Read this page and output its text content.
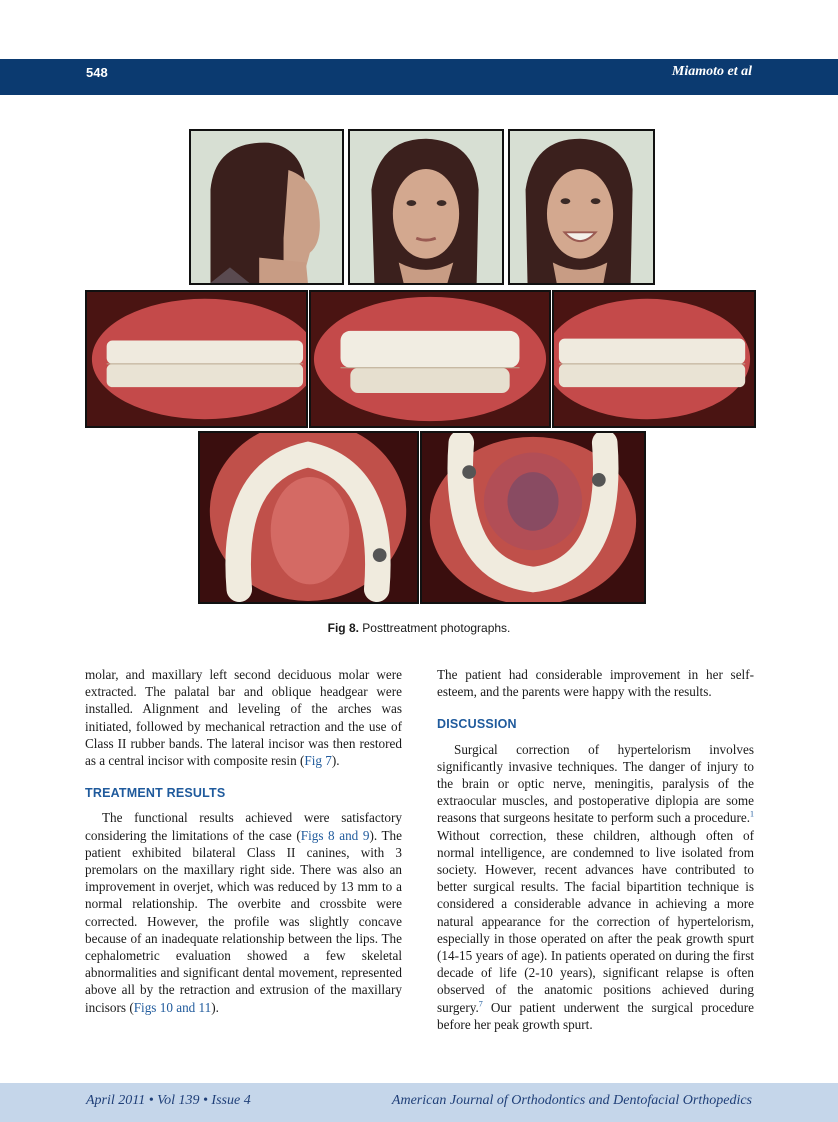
548	Miamoto et al
Fig 8. Posttreatment photographs.

molar, and maxillary left second deciduous molar were extracted. The palatal bar and oblique headgear were installed. Alignment and leveling of the arches was initiated, followed by mechanical retraction and the use of Class II rubber bands. The lateral incisor was then restored as a central incisor with composite resin (Fig 7).

TREATMENT RESULTS

The functional results achieved were satisfactory considering the limitations of the case (Figs 8 and 9). The patient exhibited bilateral Class II canines, with 3 premolars on the maxillary right side. There was also an improvement in overjet, which was reduced by 13 mm to a normal relationship. The overbite and crossbite were corrected. However, the profile was slightly concave because of an inadequate relationship between the lips. The cephalometric evaluation showed a few skeletal abnormalities and significant dental movement, represented above all by the retraction and extrusion of the maxillary incisors (Figs 10 and 11).

The patient had considerable improvement in her self-esteem, and the parents were happy with the results.

DISCUSSION

Surgical correction of hypertelorism involves significantly invasive techniques. The danger of injury to the brain or optic nerve, meningitis, paralysis of the extraocular muscles, and postoperative diplopia are some reasons that surgeons hesitate to perform such a procedure.$^1$ Without correction, these children, although often of normal intelligence, are condemned to live isolated from society. However, recent advances have contributed to better surgical results. The facial bipartition technique is considered a considerable advance in achieving a more natural appearance for the correction of hypertelorism, especially in those operated on after the peak growth spurt (14-15 years of age). In patients operated on during the first decade of life (2-10 years), significant relapse is often observed of the anatomic positions achieved during surgery.$^7$ Our patient underwent the surgical procedure before her peak growth spurt.

April 2011 • Vol 139 • Issue 4	American Journal of Orthodontics and Dentofacial Orthopedics
